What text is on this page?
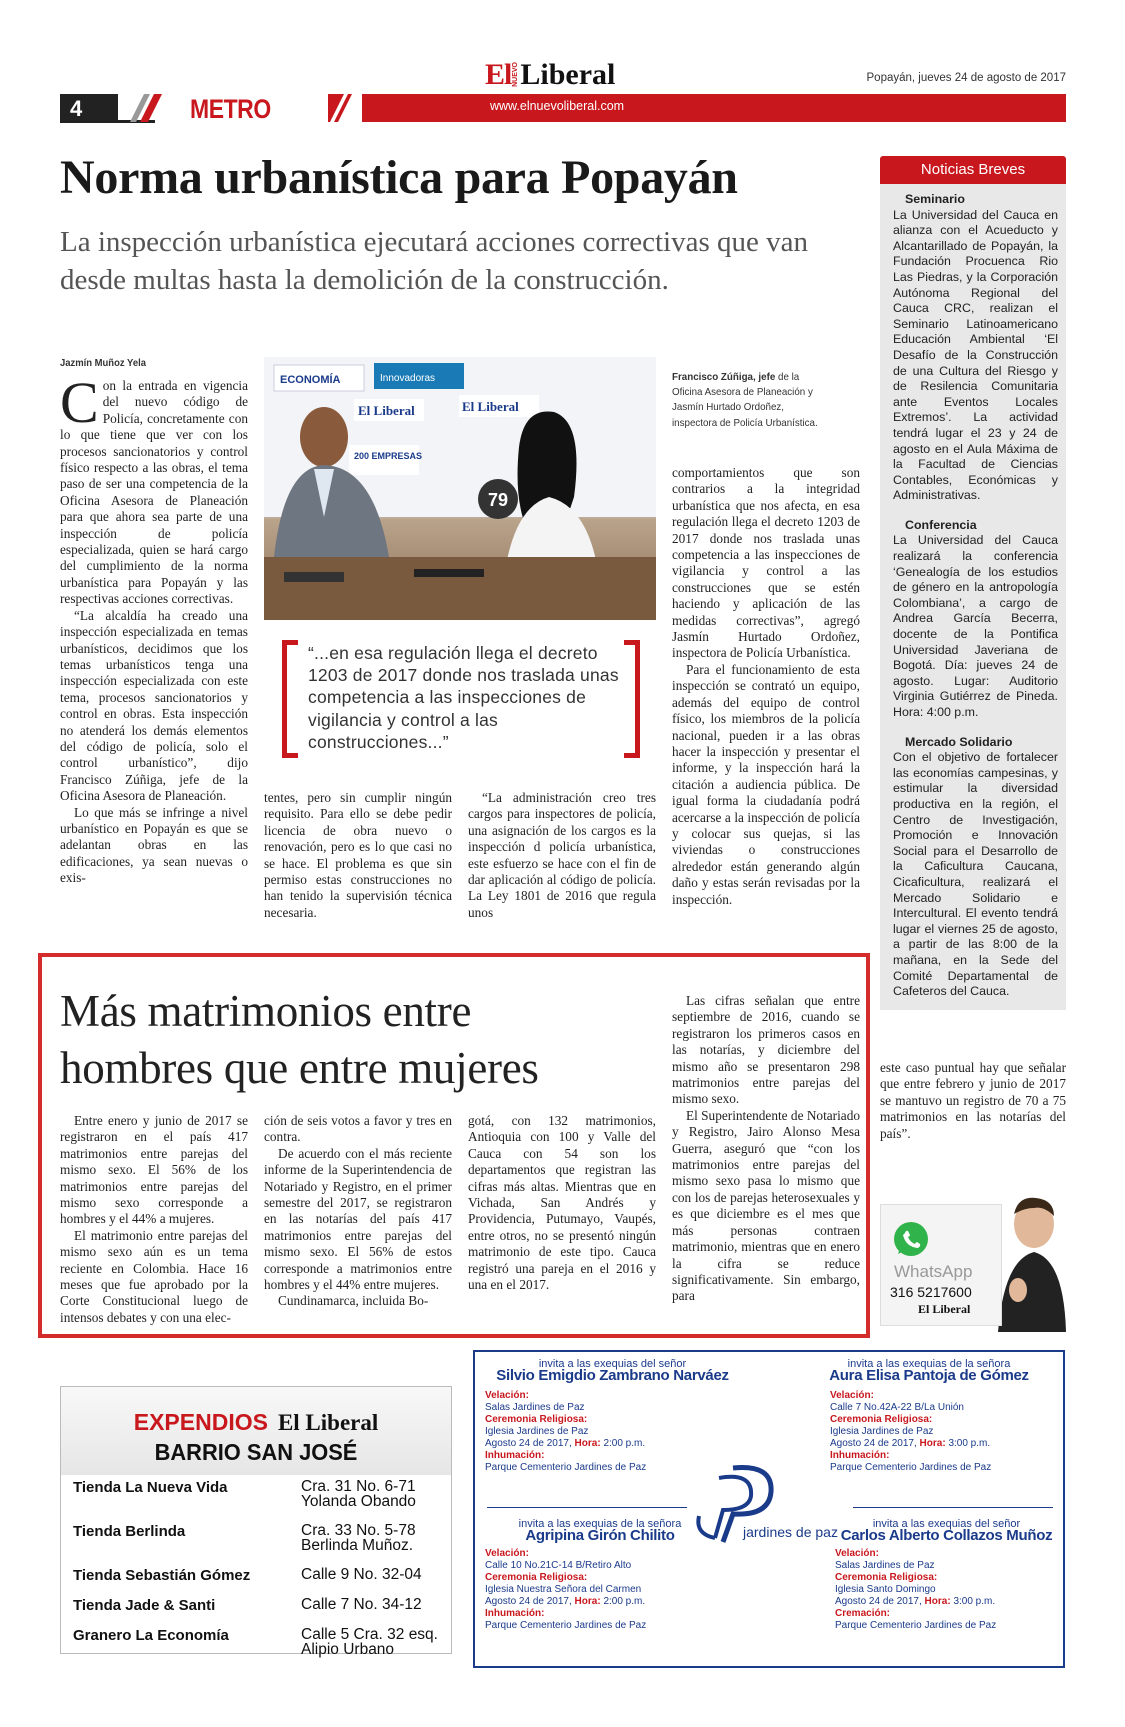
El NUEVO Liberal	Popayán, jueves 24 de agosto de 2017
4	METRO	www.elnuevoliberal.com
Norma urbanística para Popayán
La inspección urbanística ejecutará acciones correctivas que van desde multas hasta la demolición de la construcción.
Jazmín Muñoz Yela

Con la entrada en vigencia del nuevo código de Policía, concretamente con lo que tiene que ver con los procesos sancionatorios y control físico respecto a las obras, el tema paso de ser una competencia de la Oficina Asesora de Planeación para que ahora sea parte de una inspección de policía especializada, quien se hará cargo del cumplimiento de la norma urbanística para Popayán y las respectivas acciones correctivas.

“La alcaldía ha creado una inspección especializada en temas urbanísticos, decidimos que los temas urbanísticos tenga una inspección especializada con este tema, procesos sancionatorios y control en obras. Esta inspección no atenderá los demás elementos del código de policía, solo el control urbanístico”, dijo Francisco Zúñiga, jefe de la Oficina Asesora de Planeación.

Lo que más se infringe a nivel urbanístico en Popayán es que se adelantan obras en las edificaciones, ya sean nuevas o exis-

ECONOMÍA	Innovadoras
El Liberal	El Liberal
200 EMPRESAS
79
“...en esa regulación llega el decreto 1203 de 2017 donde nos traslada unas competencia a las inspecciones de vigilancia y control a las construcciones...”

tentes, pero sin cumplir ningún requisito. Para ello se debe pedir licencia de obra nuevo o renovación, pero es lo que casi no se hace. El problema es que sin permiso estas construcciones no han tenido la supervisión técnica necesaria.

“La administración creo tres cargos para inspectores de policía, una asignación de los cargos es la inspección d policía urbanística, este esfuerzo se hace con el fin de dar aplicación al código de policía. La Ley 1801 de 2016 que regula unos

Francisco Zúñiga, jefe de la Oficina Asesora de Planeación y Jasmín Hurtado Ordoñez, inspectora de Policía Urbanística.

comportamientos que son contrarios a la integridad urbanística que nos afecta, en esa regulación llega el decreto 1203 de 2017 donde nos traslada unas competencia a las inspecciones de vigilancia y control a las construcciones que se estén haciendo y aplicación de las medidas correctivas”, agregó Jasmín Hurtado Ordoñez, inspectora de Policía Urbanística.

Para el funcionamiento de esta inspección se contrató un equipo, además del equipo de control físico, los miembros de la policía nacional, pueden ir a las obras hacer la inspección y presentar el informe, y la inspección hará la citación a audiencia pública. De igual forma la ciudadanía podrá acercarse a la inspección de policía y colocar sus quejas, si las viviendas o construcciones alrededor están generando algún daño y estas serán revisadas por la inspección.

Noticias Breves
Seminario
La Universidad del Cauca en alianza con el Acueducto y Alcantarillado de Popayán, la Fundación Procuenca Rio Las Piedras, y la Corporación Autónoma Regional del Cauca CRC, realizan el Seminario Latinoamericano Educación Ambiental ‘El Desafío de la Construcción de una Cultura del Riesgo y de Resilencia Comunitaria ante Eventos Locales Extremos’. La actividad tendrá lugar el 23 y 24 de agosto en el Aula Máxima de la Facultad de Ciencias Contables, Económicas y Administrativas.
Conferencia
La Universidad del Cauca realizará la conferencia ‘Genealogía de los estudios de género en la antropología Colombiana’, a cargo de Andrea García Becerra, docente de la Pontifica Universidad Javeriana de Bogotá. Día: jueves 24 de agosto. Lugar: Auditorio Virginia Gutiérrez de Pineda. Hora: 4:00 p.m.
Mercado Solidario
Con el objetivo de fortalecer las economías campesinas, y estimular la diversidad productiva en la región, el Centro de Investigación, Promoción e Innovación Social para el Desarrollo de la Caficultura Caucana, Cicaficultura, realizará el Mercado Solidario e Intercultural. El evento tendrá lugar el viernes 25 de agosto, a partir de las 8:00 de la mañana, en la Sede del Comité Departamental de Cafeteros del Cauca.
Más matrimonios entre
hombres que entre mujeres

Entre enero y junio de 2017 se registraron en el país 417 matrimonios entre parejas del mismo sexo. El 56% de los matrimonios entre parejas del mismo sexo corresponde a hombres y el 44% a mujeres.

El matrimonio entre parejas del mismo sexo aún es un tema reciente en Colombia. Hace 16 meses que fue aprobado por la Corte Constitucional luego de intensos debates y con una elec-

ción de seis votos a favor y tres en contra.

De acuerdo con el más reciente informe de la Superintendencia de Notariado y Registro, en el primer semestre del 2017, se registraron en las notarías del país 417 matrimonios entre parejas del mismo sexo. El 56% de estos corresponde a matrimonios entre hombres y el 44% entre mujeres.

Cundinamarca, incluida Bo-

gotá, con 132 matrimonios, Antioquia con 100 y Valle del Cauca con 54 son los departamentos que registran las cifras más altas. Mientras que en Vichada, San Andrés y Providencia, Putumayo, Vaupés, entre otros, no se presentó ningún matrimonio de este tipo. Cauca registró una pareja en el 2016 y una en el 2017.

Las cifras señalan que entre septiembre de 2016, cuando se registraron los primeros casos en las notarías, y diciembre del mismo año se presentaron 298 matrimonios entre parejas del mismo sexo.

El Superintendente de Notariado y Registro, Jairo Alonso Mesa Guerra, aseguró que “con los matrimonios entre parejas del mismo sexo pasa lo mismo que con los de parejas heterosexuales y es que diciembre es el mes que más personas contraen matrimonio, mientras que en enero la cifra se reduce significativamente. Sin embargo, para

este caso puntual hay que señalar que entre febrero y junio de 2017 se mantuvo un registro de 70 a 75 matrimonios en las notarías del país”.

WhatsApp
316 5217600
El Liberal
EXPENDIOS El Liberal
BARRIO SAN JOSÉ
Tienda La Nueva Vida	Cra. 31 No. 6-71 Yolanda Obando
Tienda Berlinda	Cra. 33 No. 5-78 Berlinda Muñoz.
Tienda Sebastián Gómez	Calle 9 No. 32-04
Tienda Jade & Santi	Calle 7 No. 34-12
Granero La Economía	Calle 5 Cra. 32 esq. Alipio Urbano
jardines de paz
invita a las exequias del señor
Silvio Emigdio Zambrano Narváez
Velación:
Salas Jardines de Paz
Ceremonia Religiosa:
Iglesia Jardines de Paz
Agosto 24 de 2017, Hora: 2:00 p.m.
Inhumación:
Parque Cementerio Jardines de Paz
invita a las exequias de la señora
Aura Elisa Pantoja de Gómez
Velación:
Calle 7 No.42A-22 B/La Unión
Ceremonia Religiosa:
Iglesia Jardines de Paz
Agosto 24 de 2017, Hora: 3:00 p.m.
Inhumación:
Parque Cementerio Jardines de Paz
invita a las exequias de la señora
Agripina Girón Chilito
Velación:
Calle 10 No.21C-14 B/Retiro Alto
Ceremonia Religiosa:
Iglesia Nuestra Señora del Carmen
Agosto 24 de 2017, Hora: 2:00 p.m.
Inhumación:
Parque Cementerio Jardines de Paz
invita a las exequias del señor
Carlos Alberto Collazos Muñoz
Velación:
Salas Jardines de Paz
Ceremonia Religiosa:
Iglesia Santo Domingo
Agosto 24 de 2017, Hora: 3:00 p.m.
Cremación:
Parque Cementerio Jardines de Paz
